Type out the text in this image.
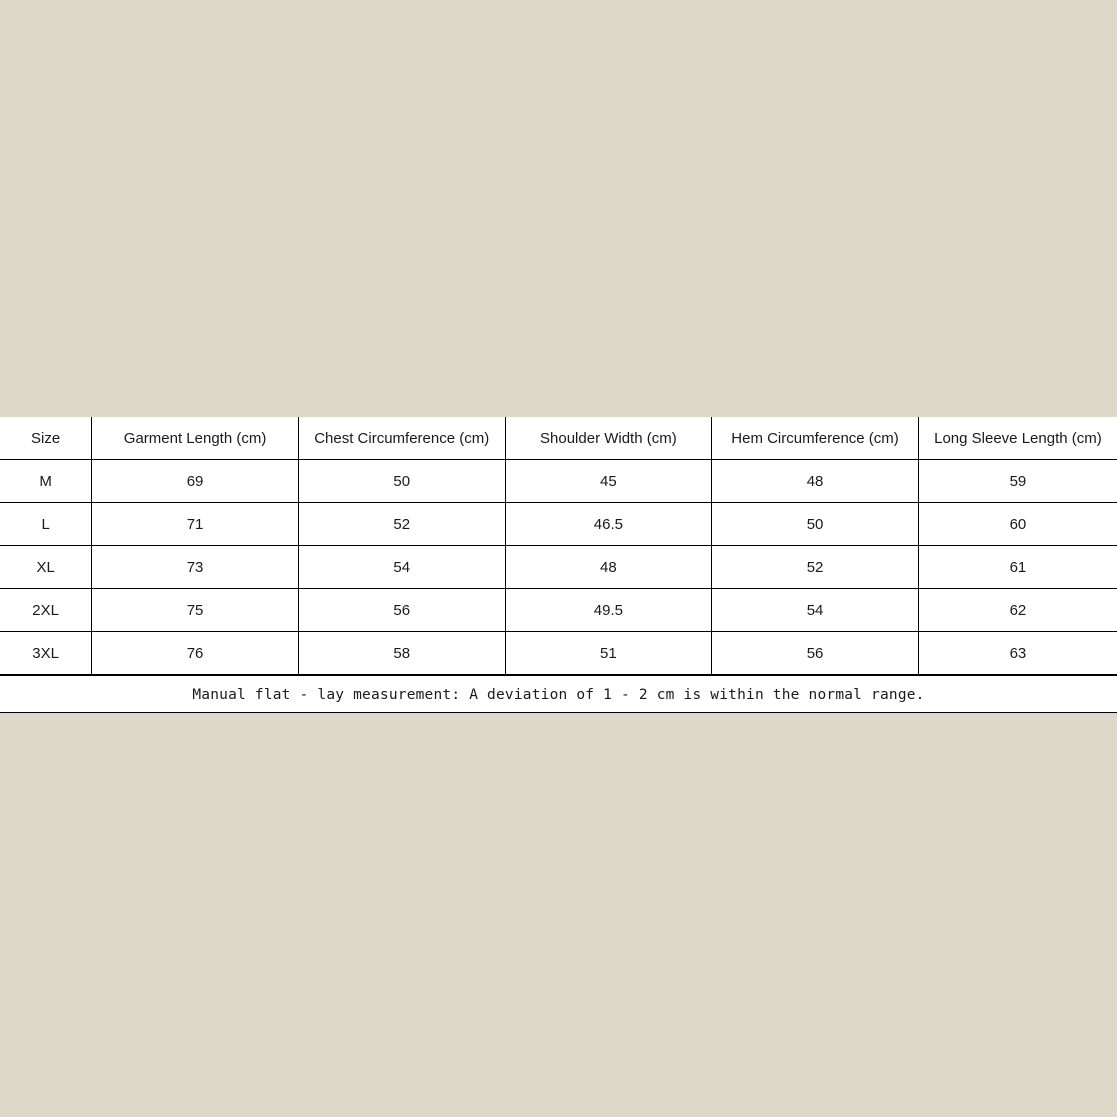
Size	Garment Length (cm)	Chest Circumference (cm)	Shoulder Width (cm)	Hem Circumference (cm)	Long Sleeve Length (cm)
M	69	50	45	48	59
L	71	52	46.5	50	60
XL	73	54	48	52	61
2XL	75	56	49.5	54	62
3XL	76	58	51	56	63
Manual flat - lay measurement: A deviation of 1 - 2 cm is within the normal range.
